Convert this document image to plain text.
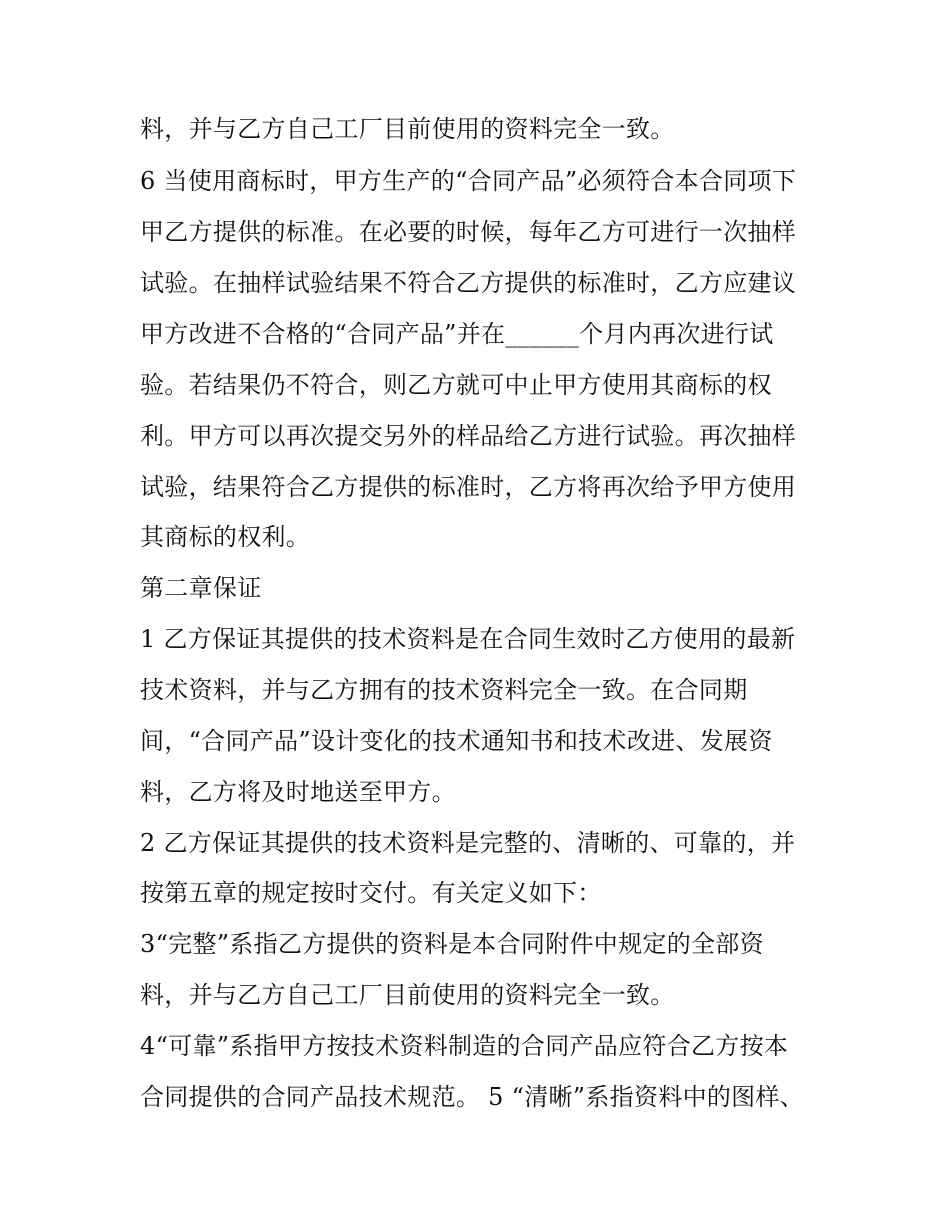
料，并与乙方自己工厂目前使用的资料完全一致。
6 当使用商标时，甲方生产的“合同产品”必须符合本合同项下
甲乙方提供的标准。在必要的时候，每年乙方可进行一次抽样
试验。在抽样试验结果不符合乙方提供的标准时，乙方应建议
甲方改进不合格的“合同产品”并在______个月内再次进行试
验。若结果仍不符合，则乙方就可中止甲方使用其商标的权
利。甲方可以再次提交另外的样品给乙方进行试验。再次抽样
试验，结果符合乙方提供的标准时，乙方将再次给予甲方使用
其商标的权利。
第二章保证
1 乙方保证其提供的技术资料是在合同生效时乙方使用的最新
技术资料，并与乙方拥有的技术资料完全一致。在合同期
间，“合同产品”设计变化的技术通知书和技术改进、发展资
料，乙方将及时地送至甲方。
2 乙方保证其提供的技术资料是完整的、清晰的、可靠的，并
按第五章的规定按时交付。有关定义如下：
3“完整”系指乙方提供的资料是本合同附件中规定的全部资
料，并与乙方自己工厂目前使用的资料完全一致。
4“可靠”系指甲方按技术资料制造的合同产品应符合乙方按本
合同提供的合同产品技术规范。 5 “清晰”系指资料中的图样、
